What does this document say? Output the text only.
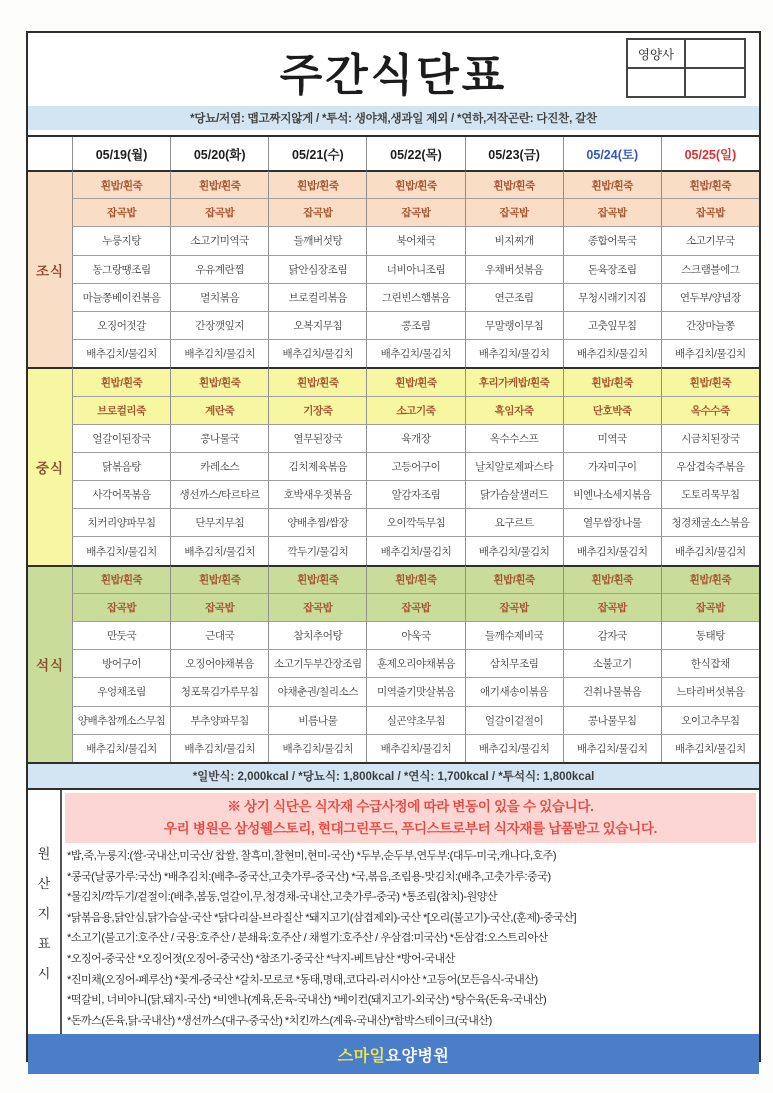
주간식단표	영양사
*당뇨/저염: 맵고짜지않게 / *투석: 생야채,생과일 제외 / *연하,저작곤란: 다진찬, 갈찬
05/19(월)	05/20(화)	05/21(수)	05/22(목)	05/23(금)	05/24(토)	05/25(일)
조식
흰밥/흰죽	흰밥/흰죽	흰밥/흰죽	흰밥/흰죽	흰밥/흰죽	흰밥/흰죽	흰밥/흰죽
잡곡밥	잡곡밥	잡곡밥	잡곡밥	잡곡밥	잡곡밥	잡곡밥
누룽지탕	소고기미역국	들깨버섯탕	북어채국	비지찌개	종합어묵국	소고기무국
동그랑땡조림	우유계란찜	닭안심장조림	너비아니조림	우채버섯볶음	돈육장조림	스크램블에그
마늘쫑베이컨볶음	멸치볶음	브로컬리볶음	그린빈스햄볶음	연근조림	무청시래기지짐	연두부/양념장
오징어젓갈	간장깻잎지	오복지무침	콩조림	무말랭이무침	고춧잎무침	간장마늘쫑
배추김치/물김치	배추김치/물김치	배추김치/물김치	배추김치/물김치	배추김치/물김치	배추김치/물김치	배추김치/물김치
중식
흰밥/흰죽	흰밥/흰죽	흰밥/흰죽	흰밥/흰죽	후리가케밥/흰죽	흰밥/흰죽	흰밥/흰죽
브로컬리죽	계란죽	기장죽	소고기죽	흑임자죽	단호박죽	옥수수죽
얼갈이된장국	콩나물국	열무된장국	육개장	옥수수스프	미역국	시금치된장국
닭볶음탕	카레소스	김치제육볶음	고등어구이	날치알로제파스타	가자미구이	우삼겹숙주볶음
사각어묵볶음	생선까스/타르타르	호박새우젓볶음	알감자조림	닭가슴살샐러드	비엔나소세지볶음	도토리묵무침
치커리양파무침	단무지무침	양배추찜/쌈장	오이깍둑무침	요구르트	열무쌈장나물	청경채굴소스볶음
배추김치/물김치	배추김치/물김치	깍두기/물김치	배추김치/물김치	배추김치/물김치	배추김치/물김치	배추김치/물김치
석식
흰밥/흰죽	흰밥/흰죽	흰밥/흰죽	흰밥/흰죽	흰밥/흰죽	흰밥/흰죽	흰밥/흰죽
잡곡밥	잡곡밥	잡곡밥	잡곡밥	잡곡밥	잡곡밥	잡곡밥
만둣국	근대국	참치추어탕	아욱국	들깨수제비국	감자국	동태탕
방어구이	오징어야채볶음	소고기두부간장조림	훈제오리야채볶음	삼치무조림	소불고기	한식잡채
우엉채조림	청포묵김가루무침	야채춘권/칠리소스	미역줄기맛살볶음	애기새송이볶음	건취나물볶음	느타리버섯볶음
양배추참깨소스무침	부추양파무침	비름나물	실곤약초무침	얼갈이겉절이	콩나물무침	오이고추무침
배추김치/물김치	배추김치/물김치	배추김치/물김치	배추김치/물김치	배추김치/물김치	배추김치/물김치	배추김치/물김치
*일반식: 2,000kcal / *당뇨식: 1,800kcal / *연식: 1,700kcal / *투석식: 1,800kcal
원
산
지
표
시
※ 상기 식단은 식자재 수급사정에 따라 변동이 있을 수 있습니다.
우리 병원은 삼성웰스토리, 현대그린푸드, 푸디스트로부터 식자재를 납품받고 있습니다.
*밥,죽,누룽지:(쌀-국내산,미국산/ 찹쌀, 찰흑미,찰현미,현미-국산) *두부,순두부,연두부:(대두-미국,캐나다,호주)
*콩국(날콩가루:국산) *배추김치:(배추-중국산,고춧가루-중국산) *국,볶음,조림용-맛김치:(배추,고춧가루:중국)
*물김치/깍두기/겉절이:(배추,봄동,얼갈이,무,청경채-국내산,고춧가루-중국) *통조림(참치)-원양산
*닭볶음용,닭안심,닭가슴살-국산 *닭다리살-브라질산 *돼지고기(삼겹제외)-국산 *[오리(불고기)-국산,(훈제)-중국산]
*소고기(불고기:호주산 / 국용:호주산 / 분쇄육:호주산 / 채썰기:호주산 / 우삼겹:미국산) *돈삼겹:오스트리아산
*오징어-중국산 *오징어젓(오징어-중국산) *참조기-중국산 *낙지-베트남산 *방어-국내산
*진미채(오징어-페루산) *꽃게-중국산 *갈치-모로코 *동태,명태,코다리-러시아산 *고등어(모든음식-국내산)
*떡갈비, 너비아니(닭,돼지-국산) *비엔나(계육,돈육-국내산) *베이컨(돼지고기-외국산) *탕수육(돈육-국내산)
*돈까스(돈육,닭-국내산) *생선까스(대구-중국산) *치킨까스(계육-국내산)*함박스테이크(국내산)
스마일 요양병원
